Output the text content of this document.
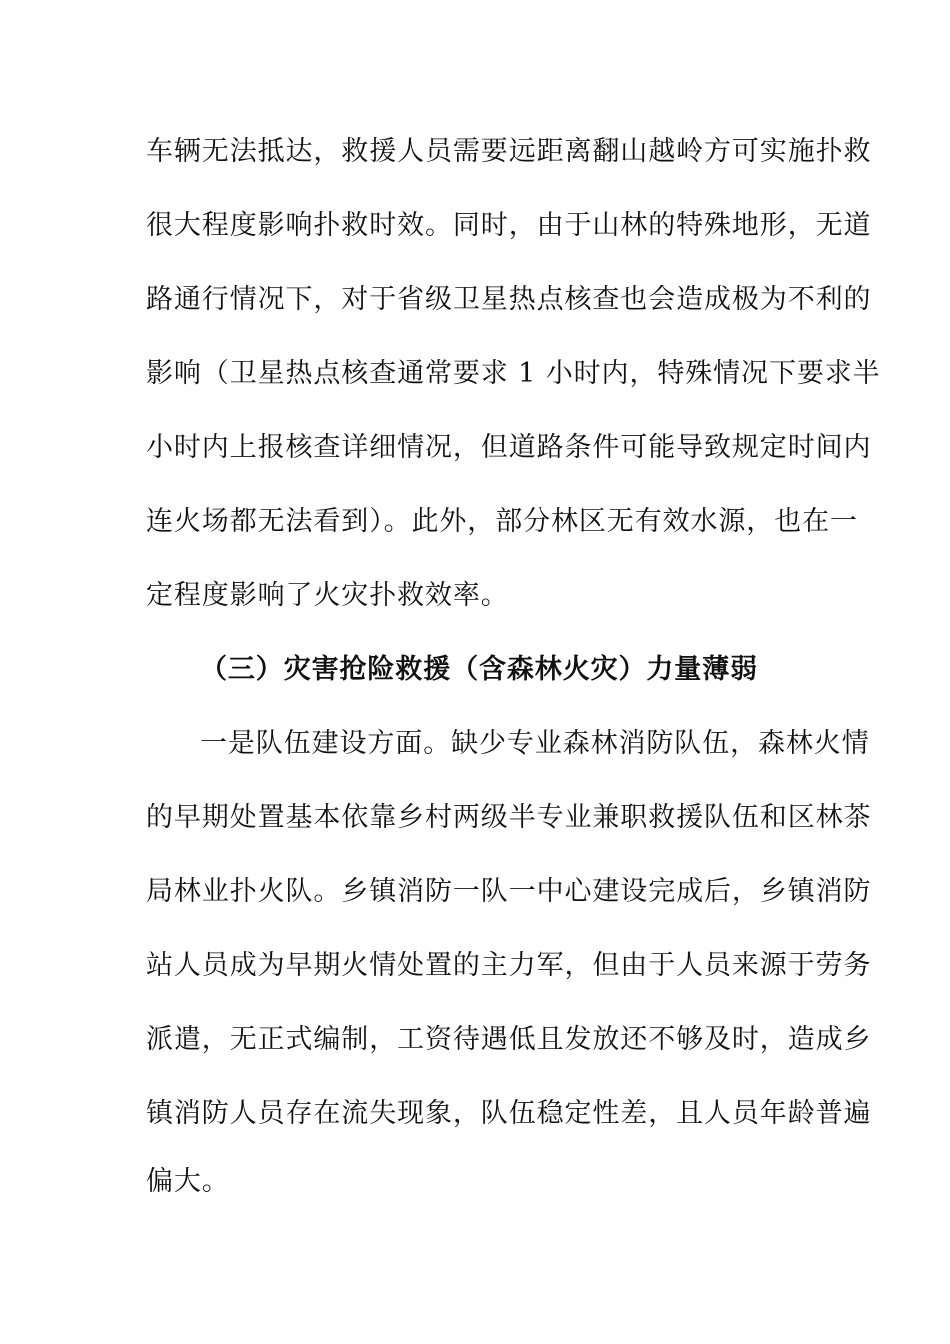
车辆无法抵达，救援人员需要远距离翻山越岭方可实施扑救
很大程度影响扑救时效。同时，由于山林的特殊地形，无道
路通行情况下，对于省级卫星热点核查也会造成极为不利的
影响（卫星热点核查通常要求 1 小时内，特殊情况下要求半
小时内上报核查详细情况，但道路条件可能导致规定时间内
连火场都无法看到）。此外，部分林区无有效水源，也在一
定程度影响了火灾扑救效率。
（三）灾害抢险救援（含森林火灾）力量薄弱
一是队伍建设方面。缺少专业森林消防队伍，森林火情
的早期处置基本依靠乡村两级半专业兼职救援队伍和区林茶
局林业扑火队。乡镇消防一队一中心建设完成后，乡镇消防
站人员成为早期火情处置的主力军，但由于人员来源于劳务
派遣，无正式编制，工资待遇低且发放还不够及时，造成乡
镇消防人员存在流失现象，队伍稳定性差，且人员年龄普遍
偏大。
